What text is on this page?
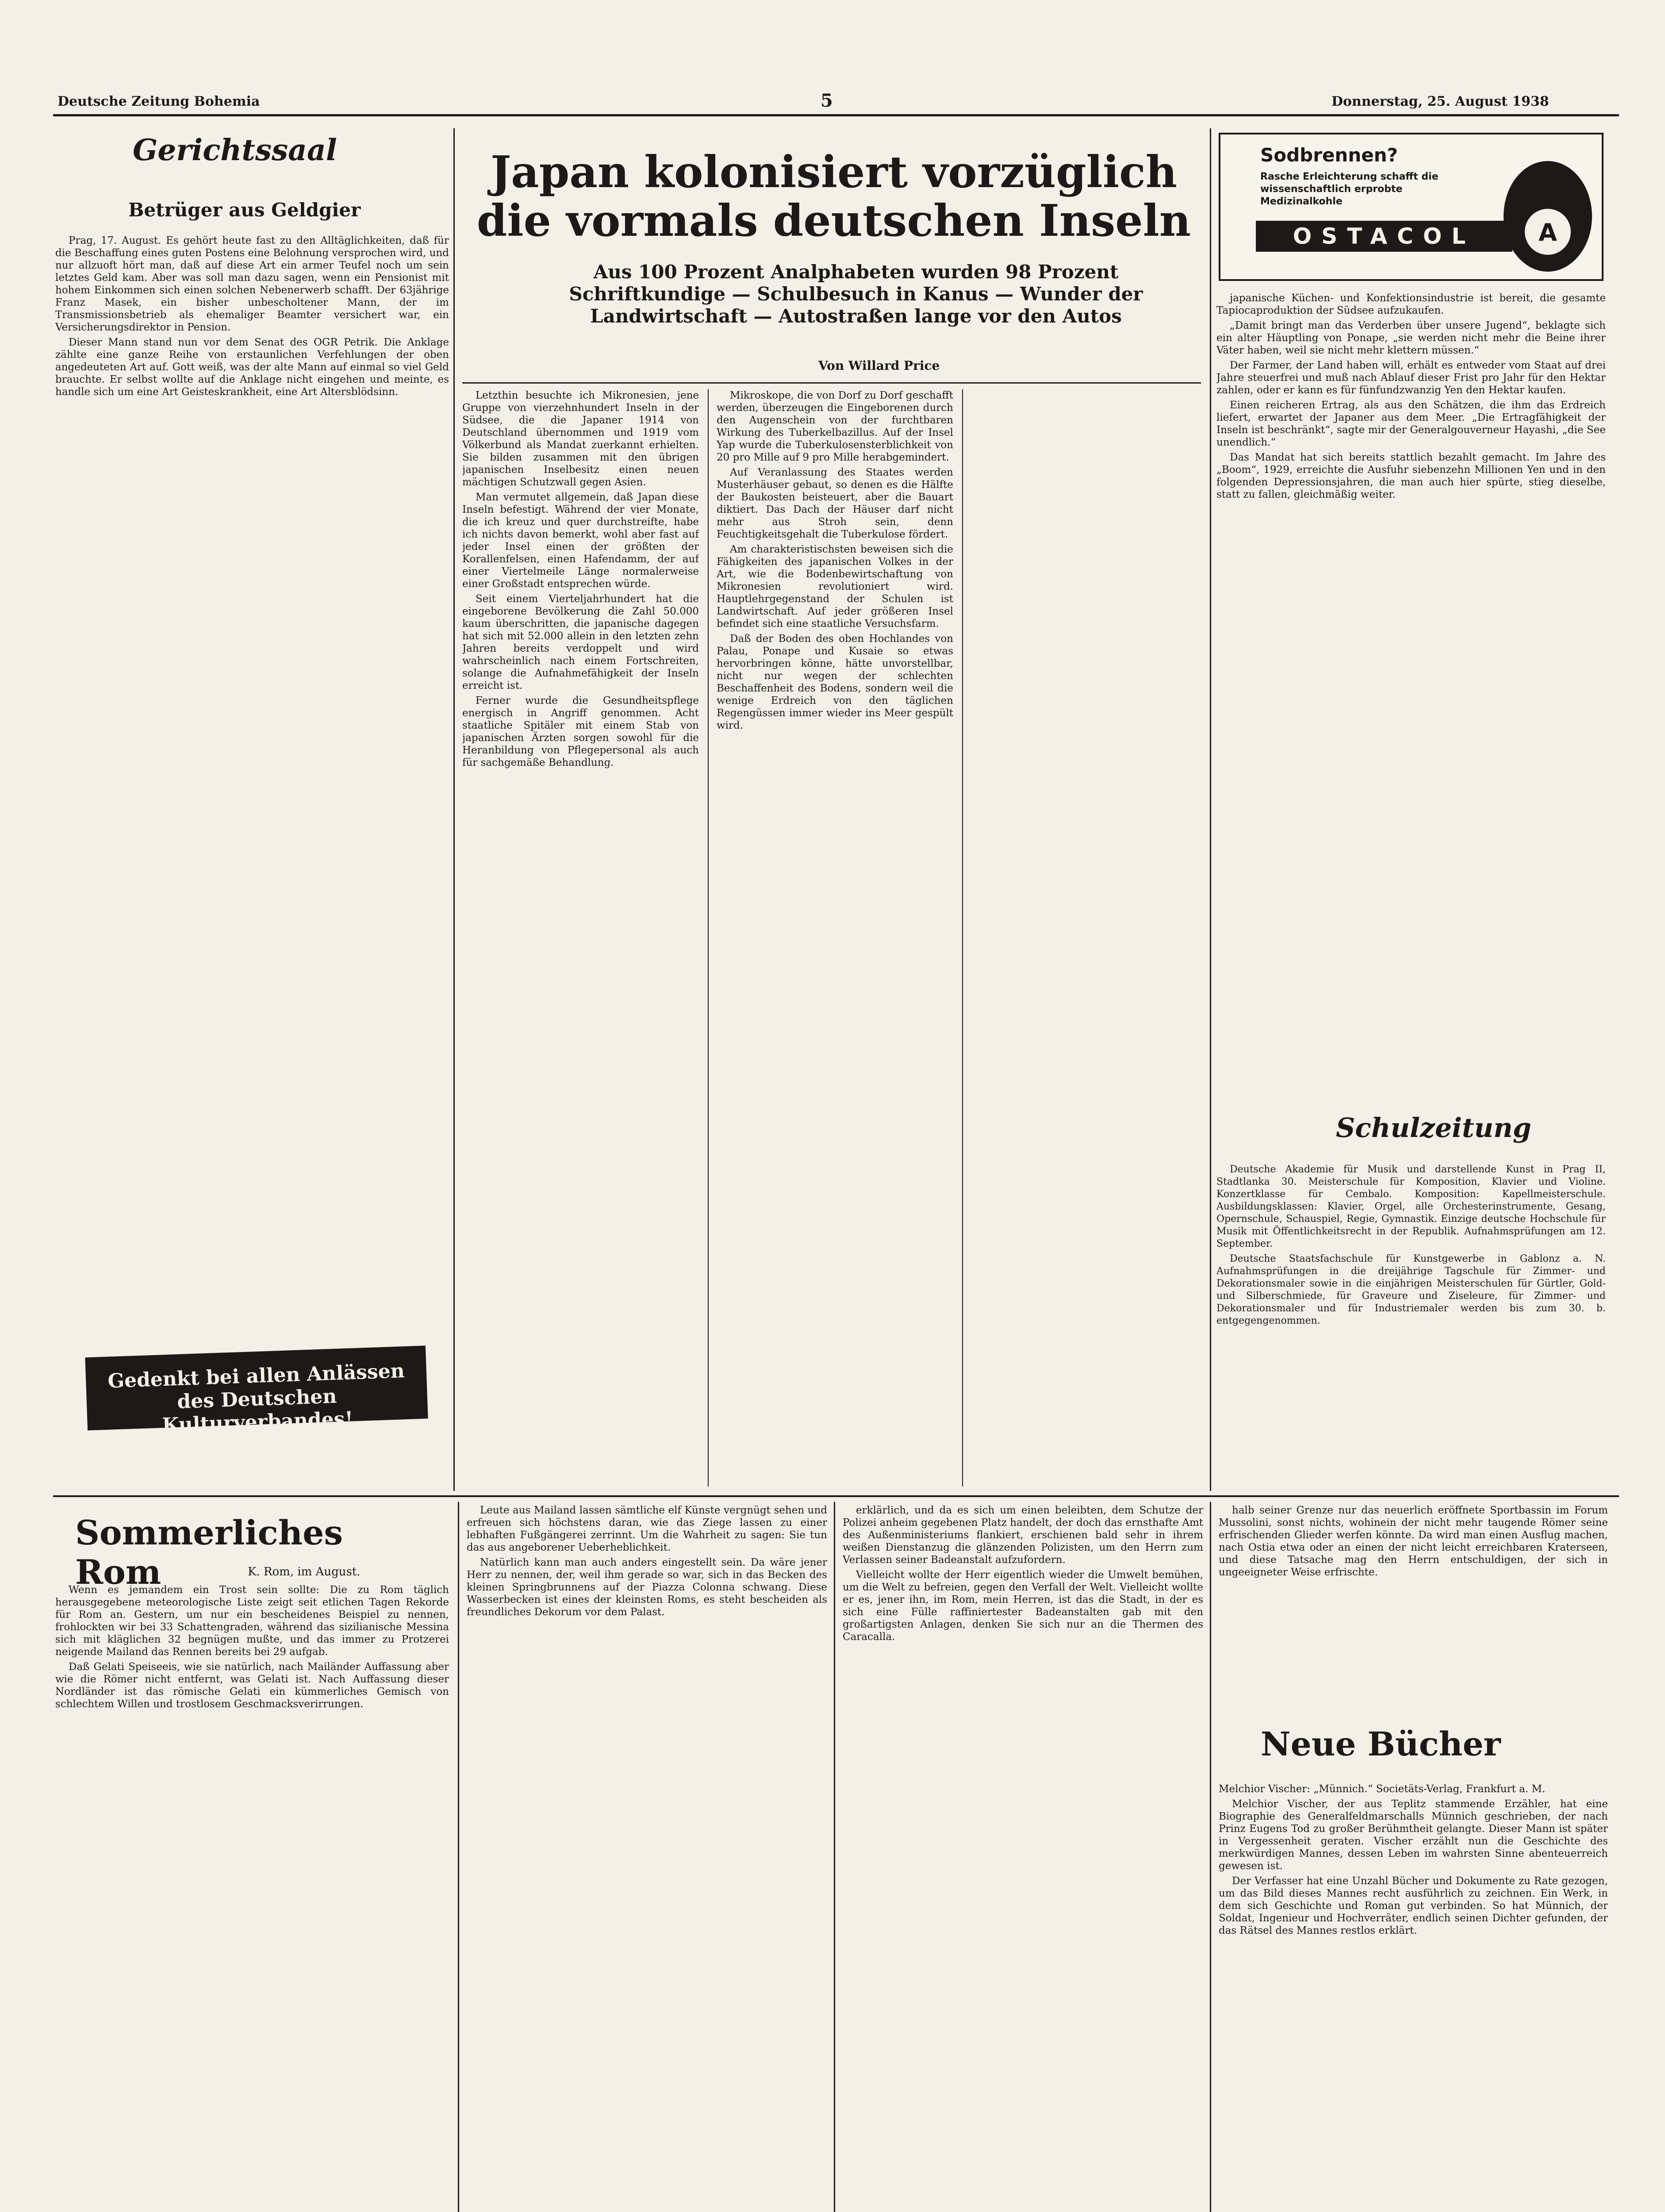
Deutsche Zeitung Bohemia	5	Donnerstag, 25. August 1938
Gerichtssaal
Betrüger aus Geldgier

Prag, 17. August. Es gehört heute fast zu den Alltäglichkeiten, daß für die Beschaffung eines guten Postens eine Belohnung versprochen wird, und nur allzuoft hört man, daß auf diese Art ein armer Teufel noch um sein letztes Geld kam. Aber was soll man dazu sagen, wenn ein Pensionist mit hohem Einkommen sich einen solchen Nebenerwerb schafft. Der 63jährige Franz Masek, ein bisher unbescholtener Mann, der im Transmissionsbetrieb als ehemaliger Beamter versichert war, ein Versicherungsdirektor in Pension.

Dieser Mann stand nun vor dem Senat des OGR Petrik. Die Anklage zählte eine ganze Reihe von erstaunlichen Verfehlungen der oben angedeuteten Art auf. Gott weiß, was der alte Mann auf einmal so viel Geld brauchte. Er selbst wollte auf die Anklage nicht eingehen und meinte, es handle sich um eine Art Geisteskrankheit, eine Art Altersblödsinn.

Gedenkt bei allen Anlässen des Deutschen Kulturverbandes!
Japan kolonisiert vorzüglich
die vormals deutschen Inseln
Aus 100 Prozent Analphabeten wurden 98 Prozent Schriftkundige — Schulbesuch in Kanus — Wunder der Landwirtschaft — Autostraßen lange vor den Autos
Von Willard Price

Letzthin besuchte ich Mikronesien, jene Gruppe von vierzehnhundert Inseln in der Südsee, die die Japaner 1914 von Deutschland übernommen und 1919 vom Völkerbund als Mandat zuerkannt erhielten. Sie bilden zusammen mit den übrigen japanischen Inselbesitz einen neuen mächtigen Schutzwall gegen Asien.

Man vermutet allgemein, daß Japan diese Inseln befestigt. Während der vier Monate, die ich kreuz und quer durchstreifte, habe ich nichts davon bemerkt, wohl aber fast auf jeder Insel einen der größten der Korallenfelsen, einen Hafendamm, der auf einer Viertelmeile Länge normalerweise einer Großstadt entsprechen würde.

Seit einem Vierteljahrhundert hat die eingeborene Bevölkerung die Zahl 50.000 kaum überschritten, die japanische dagegen hat sich mit 52.000 allein in den letzten zehn Jahren bereits verdoppelt und wird wahrscheinlich nach einem Fortschreiten, solange die Aufnahmefähigkeit der Inseln erreicht ist.

Ferner wurde die Gesundheitspflege energisch in Angriff genommen. Acht staatliche Spitäler mit einem Stab von japanischen Ärzten sorgen sowohl für die Heranbildung von Pflegepersonal als auch für sachgemäße Behandlung.

Mikroskope, die von Dorf zu Dorf geschafft werden, überzeugen die Eingeborenen durch den Augenschein von der furchtbaren Wirkung des Tuberkelbazillus. Auf der Insel Yap wurde die Tuberkulosensterblichkeit von 20 pro Mille auf 9 pro Mille herabgemindert.

Auf Veranlassung des Staates werden Musterhäuser gebaut, so denen es die Hälfte der Baukosten beisteuert, aber die Bauart diktiert. Das Dach der Häuser darf nicht mehr aus Stroh sein, denn Feuchtigkeitsgehalt die Tuberkulose fördert.

Am charakteristischsten beweisen sich die Fähigkeiten des japanischen Volkes in der Art, wie die Bodenbewirtschaftung von Mikronesien revolutioniert wird. Hauptlehrgegenstand der Schulen ist Landwirtschaft. Auf jeder größeren Insel befindet sich eine staatliche Versuchsfarm.

Daß der Boden des oben Hochlandes von Palau, Ponape und Kusaie so etwas hervorbringen könne, hätte unvorstellbar, nicht nur wegen der schlechten Beschaffenheit des Bodens, sondern weil die wenige Erdreich von den täglichen Regengüssen immer wieder ins Meer gespült wird.

japanische Küchen- und Konfektionsindustrie ist bereit, die gesamte Tapiocaproduktion der Südsee aufzukaufen.

„Damit bringt man das Verderben über unsere Jugend“, beklagte sich ein alter Häuptling von Ponape, „sie werden nicht mehr die Beine ihrer Väter haben, weil sie nicht mehr klettern müssen.“

Der Farmer, der Land haben will, erhält es entweder vom Staat auf drei Jahre steuerfrei und muß nach Ablauf dieser Frist pro Jahr für den Hektar zahlen, oder er kann es für fünfundzwanzig Yen den Hektar kaufen.

Einen reicheren Ertrag, als aus den Schätzen, die ihm das Erdreich liefert, erwartet der Japaner aus dem Meer. „Die Ertragfähigkeit der Inseln ist beschränkt“, sagte mir der Generalgouverneur Hayashi, „die See unendlich.“

Das Mandat hat sich bereits stattlich bezahlt gemacht. Im Jahre des „Boom“, 1929, erreichte die Ausfuhr siebenzehn Millionen Yen und in den folgenden Depressionsjahren, die man auch hier spürte, stieg dieselbe, statt zu fallen, gleichmäßig weiter.

Sodbrennen?
Rasche Erleichterung schafft die wissenschaftlich erprobte Medizinalkohle
OSTACOL	A
Schulzeitung

Deutsche Akademie für Musik und darstellende Kunst in Prag II, Stadtlanka 30. Meisterschule für Komposition, Klavier und Violine. Konzertklasse für Cembalo. Komposition: Kapellmeisterschule. Ausbildungsklassen: Klavier, Orgel, alle Orchesterinstrumente, Gesang, Opernschule, Schauspiel, Regie, Gymnastik. Einzige deutsche Hochschule für Musik mit Öffentlichkeitsrecht in der Republik. Aufnahmsprüfungen am 12. September.

Deutsche Staatsfachschule für Kunstgewerbe in Gablonz a. N. Aufnahmsprüfungen in die dreijährige Tagschule für Zimmer- und Dekorationsmaler sowie in die einjährigen Meisterschulen für Gürtler, Gold- und Silberschmiede, für Graveure und Ziseleure, für Zimmer- und Dekorationsmaler und für Industriemaler werden bis zum 30. b. entgegengenommen.

Sommerliches Rom	K. Rom, im August.

Wenn es jemandem ein Trost sein sollte: Die zu Rom täglich herausgegebene meteorologische Liste zeigt seit etlichen Tagen Rekorde für Rom an. Gestern, um nur ein bescheidenes Beispiel zu nennen, frohlockten wir bei 33 Schattengraden, während das sizilianische Messina sich mit kläglichen 32 begnügen mußte, und das immer zu Protzerei neigende Mailand das Rennen bereits bei 29 aufgab.

Daß Gelati Speiseeis, wie sie natürlich, nach Mailänder Auffassung aber wie die Römer nicht entfernt, was Gelati ist. Nach Auffassung dieser Nordländer ist das römische Gelati ein kümmerliches Gemisch von schlechtem Willen und trostlosem Geschmacksverirrungen.

Leute aus Mailand lassen sämtliche elf Künste vergnügt sehen und erfreuen sich höchstens daran, wie das Ziege lassen zu einer lebhaften Fußgängerei zerrinnt. Um die Wahrheit zu sagen: Sie tun das aus angeborener Ueberheblichkeit.

Natürlich kann man auch anders eingestellt sein. Da wäre jener Herr zu nennen, der, weil ihm gerade so war, sich in das Becken des kleinen Springbrunnens auf der Piazza Colonna schwang. Diese Wasserbecken ist eines der kleinsten Roms, es steht bescheiden als freundliches Dekorum vor dem Palast.

erklärlich, und da es sich um einen beleibten, dem Schutze der Polizei anheim gegebenen Platz handelt, der doch das ernsthafte Amt des Außenministeriums flankiert, erschienen bald sehr in ihrem weißen Dienstanzug die glänzenden Polizisten, um den Herrn zum Verlassen seiner Badeanstalt aufzufordern.

Vielleicht wollte der Herr eigentlich wieder die Umwelt bemühen, um die Welt zu befreien, gegen den Verfall der Welt. Vielleicht wollte er es, jener ihn, im Rom, mein Herren, ist das die Stadt, in der es sich eine Fülle raffiniertester Badeanstalten gab mit den großartigsten Anlagen, denken Sie sich nur an die Thermen des Caracalla.

halb seiner Grenze nur das neuerlich eröffnete Sportbassin im Forum Mussolini, sonst nichts, wohinein der nicht mehr taugende Römer seine erfrischenden Glieder werfen könnte. Da wird man einen Ausflug machen, nach Ostia etwa oder an einen der nicht leicht erreichbaren Kraterseen, und diese Tatsache mag den Herrn entschuldigen, der sich in ungeeigneter Weise erfrischte.

Neue Bücher

Melchior Vischer: „Münnich.“ Societäts-Verlag, Frankfurt a. M.

Melchior Vischer, der aus Teplitz stammende Erzähler, hat eine Biographie des Generalfeldmarschalls Münnich geschrieben, der nach Prinz Eugens Tod zu großer Berühmtheit gelangte. Dieser Mann ist später in Vergessenheit geraten. Vischer erzählt nun die Geschichte des merkwürdigen Mannes, dessen Leben im wahrsten Sinne abenteuerreich gewesen ist.

Der Verfasser hat eine Unzahl Bücher und Dokumente zu Rate gezogen, um das Bild dieses Mannes recht ausführlich zu zeichnen. Ein Werk, in dem sich Geschichte und Roman gut verbinden. So hat Münnich, der Soldat, Ingenieur und Hochverräter, endlich seinen Dichter gefunden, der das Rätsel des Mannes restlos erklärt.
